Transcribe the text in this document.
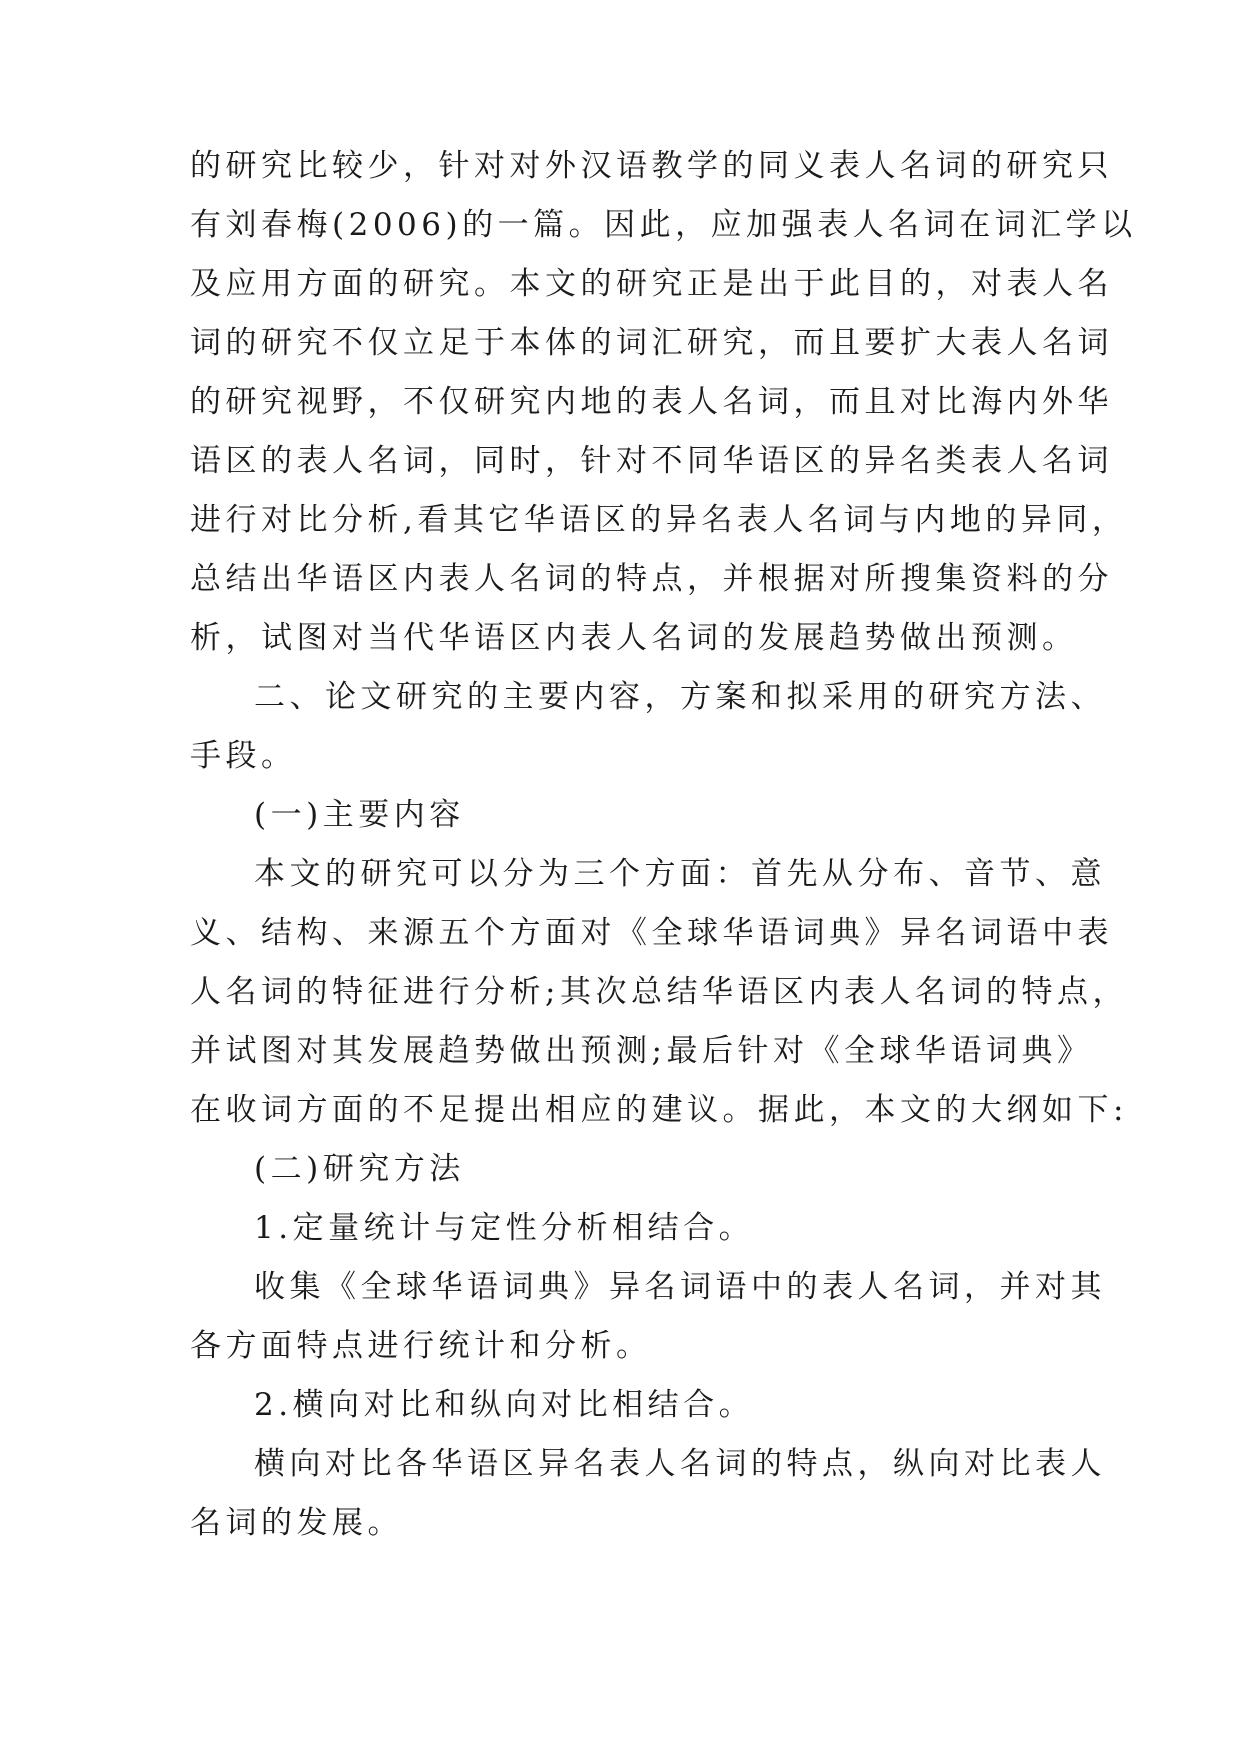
的研究比较少，针对对外汉语教学的同义表人名词的研究只
有刘春梅(2006)的一篇。因此，应加强表人名词在词汇学以
及应用方面的研究。本文的研究正是出于此目的，对表人名
词的研究不仅立足于本体的词汇研究，而且要扩大表人名词
的研究视野，不仅研究内地的表人名词，而且对比海内外华
语区的表人名词，同时，针对不同华语区的异名类表人名词
进行对比分析,看其它华语区的异名表人名词与内地的异同，
总结出华语区内表人名词的特点，并根据对所搜集资料的分
析，试图对当代华语区内表人名词的发展趋势做出预测。
二、论文研究的主要内容，方案和拟采用的研究方法、
手段。
(一)主要内容
本文的研究可以分为三个方面：首先从分布、音节、意
义、结构、来源五个方面对《全球华语词典》异名词语中表
人名词的特征进行分析;其次总结华语区内表人名词的特点，
并试图对其发展趋势做出预测;最后针对《全球华语词典》
在收词方面的不足提出相应的建议。据此，本文的大纲如下:
(二)研究方法
1.定量统计与定性分析相结合。
收集《全球华语词典》异名词语中的表人名词，并对其
各方面特点进行统计和分析。
2.横向对比和纵向对比相结合。
横向对比各华语区异名表人名词的特点，纵向对比表人
名词的发展。
